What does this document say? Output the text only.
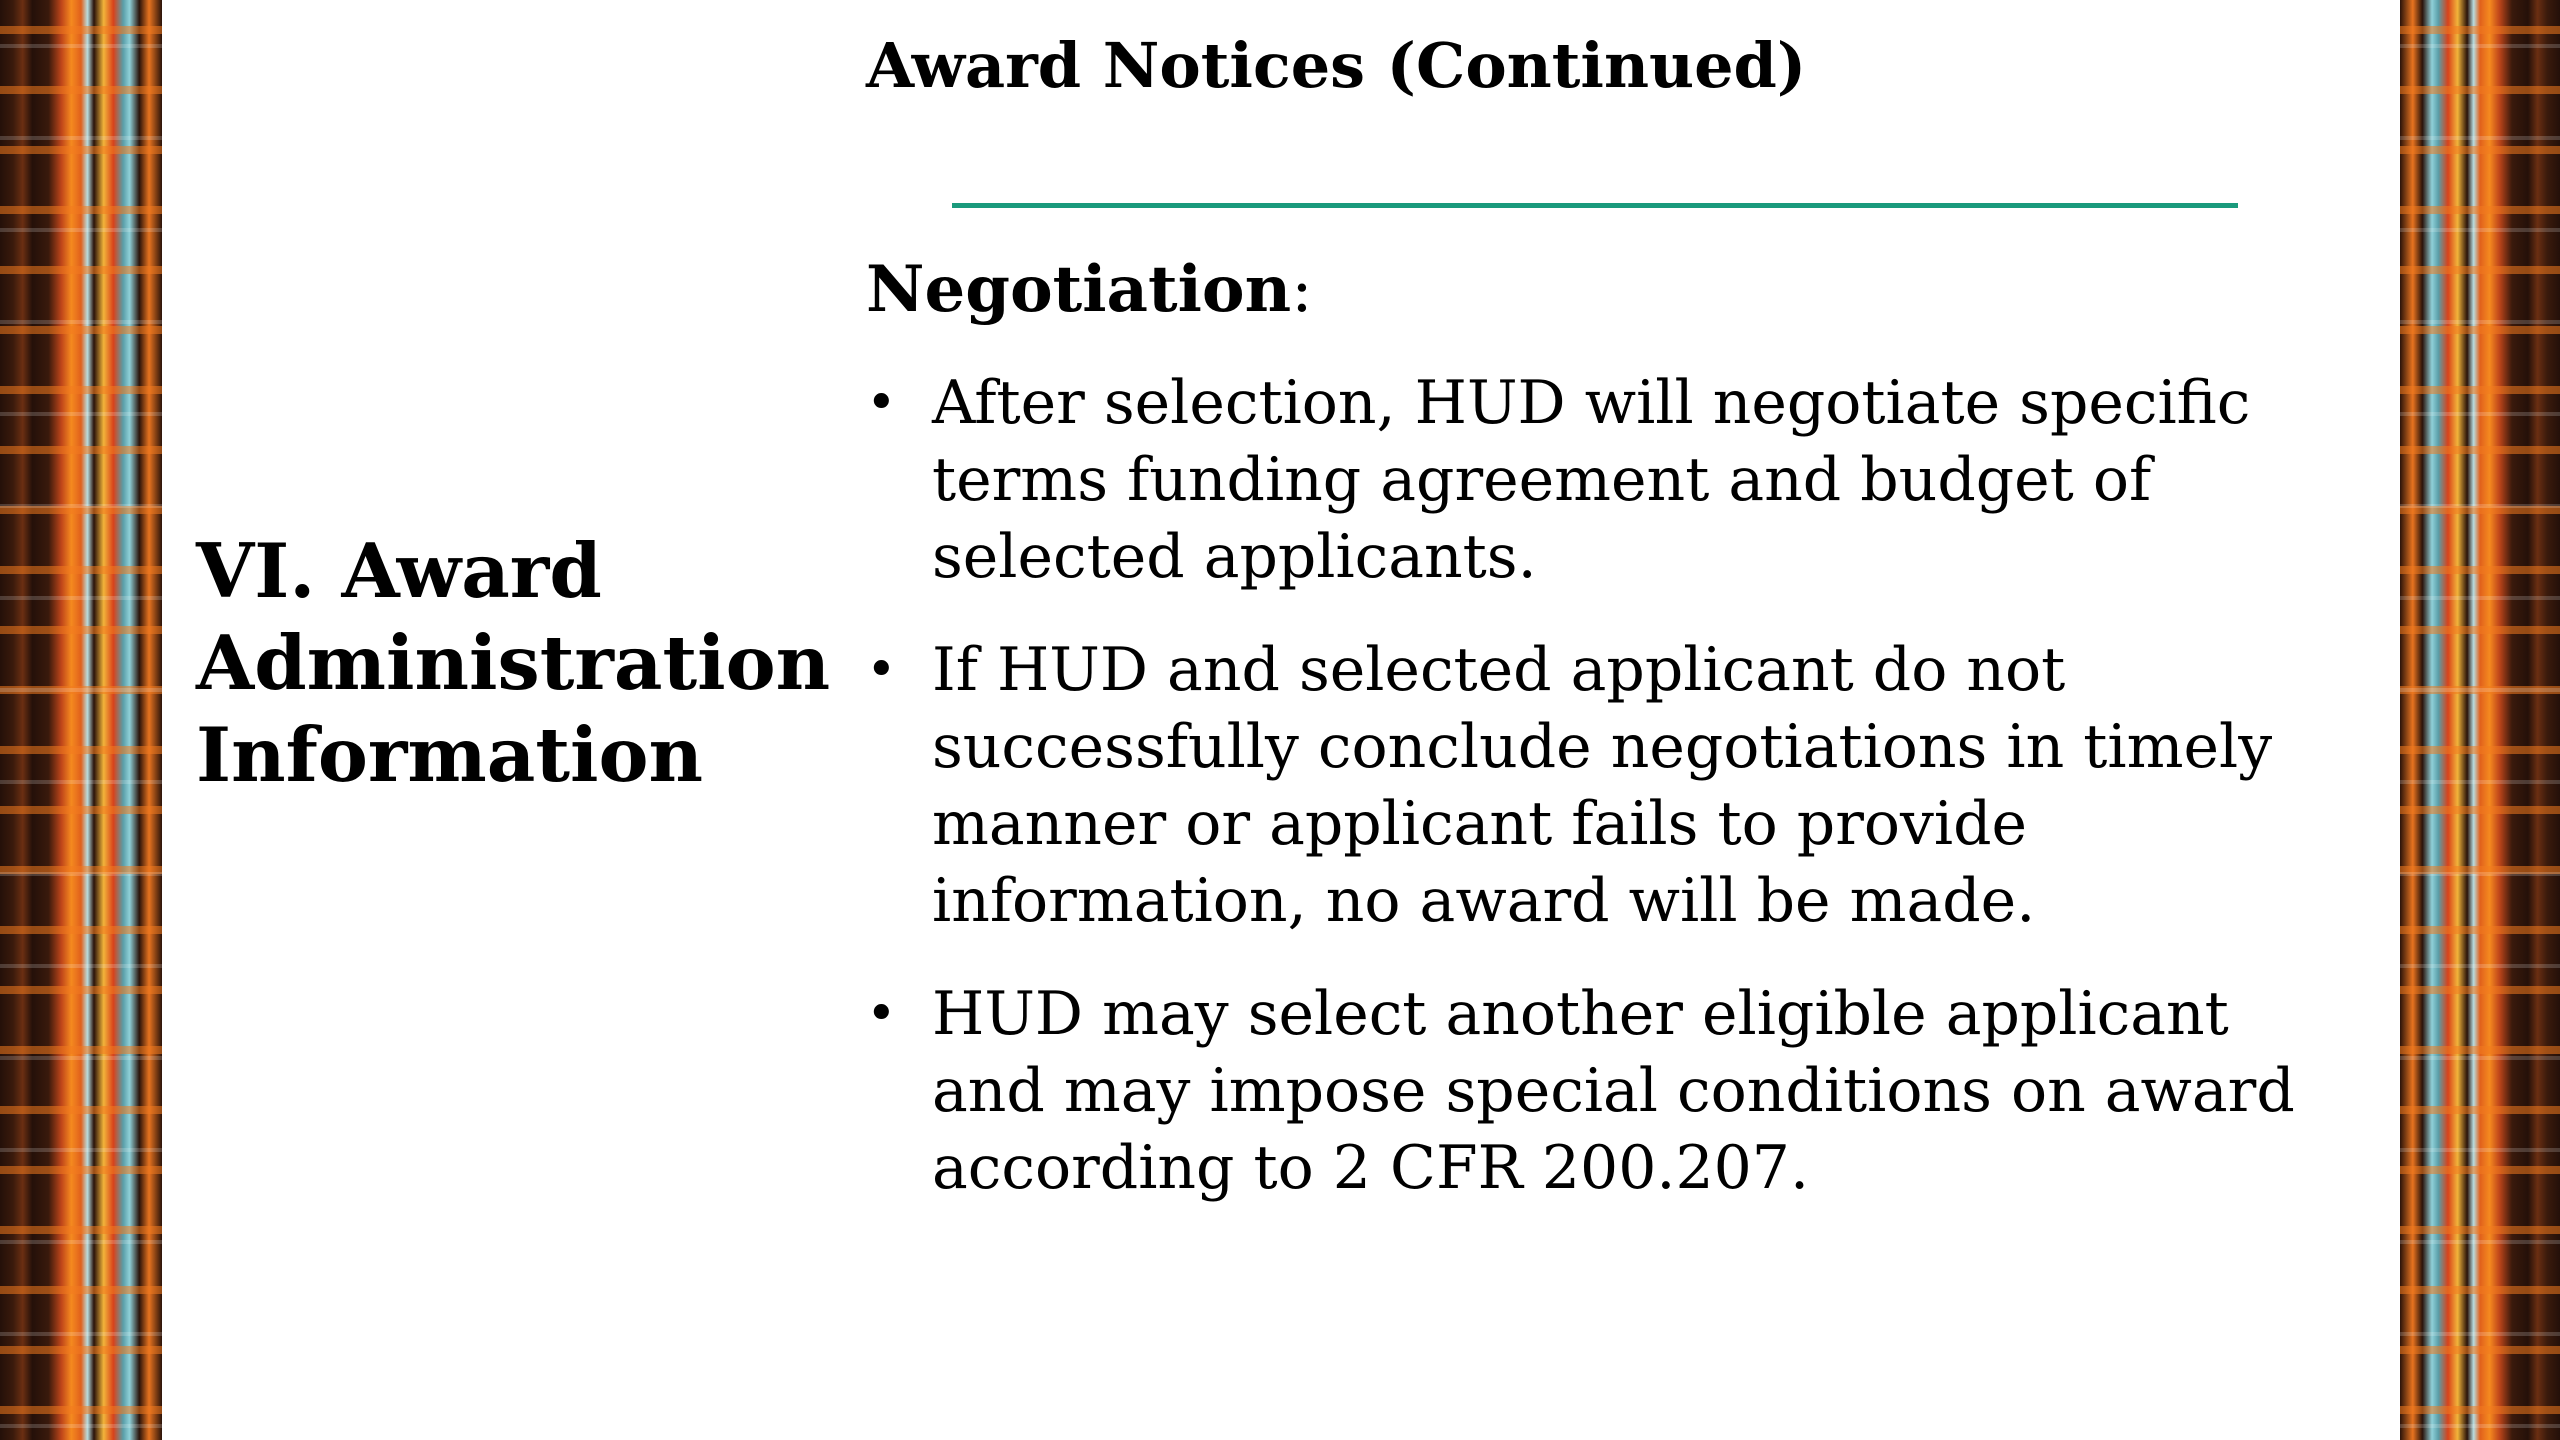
VI. Award Administration Information
Award Notices (Continued)

Negotiation:

• After selection, HUD will negotiate specific terms funding agreement and budget of selected applicants.
• If HUD and selected applicant do not successfully conclude negotiations in timely manner or applicant fails to provide information, no award will be made.
• HUD may select another eligible applicant and may impose special conditions on award according to 2 CFR 200.207.
